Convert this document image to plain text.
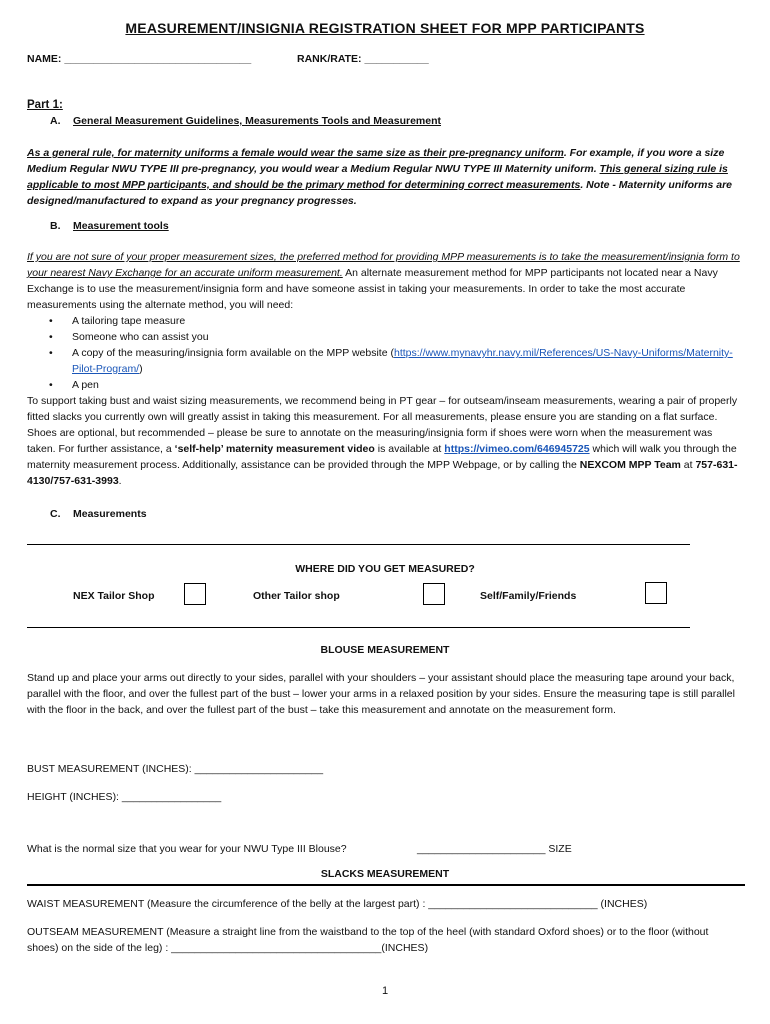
MEASUREMENT/INSIGNIA REGISTRATION SHEET FOR MPP PARTICIPANTS
NAME: ________________________________	RANK/RATE: ___________
Part 1:
A. General Measurement Guidelines, Measurements Tools and Measurement
As a general rule, for maternity uniforms a female would wear the same size as their pre-pregnancy uniform. For example, if you wore a size Medium Regular NWU TYPE III pre-pregnancy, you would wear a Medium Regular NWU TYPE III Maternity uniform. This general sizing rule is applicable to most MPP participants, and should be the primary method for determining correct measurements. Note - Maternity uniforms are designed/manufactured to expand as your pregnancy progresses.
B. Measurement tools
If you are not sure of your proper measurement sizes, the preferred method for providing MPP measurements is to take the measurement/insignia form to your nearest Navy Exchange for an accurate uniform measurement. An alternate measurement method for MPP participants not located near a Navy Exchange is to use the measurement/insignia form and have someone assist in taking your measurements. In order to take the most accurate measurements using the alternate method, you will need:
• A tailoring tape measure
• Someone who can assist you
• A copy of the measuring/insignia form available on the MPP website (https://www.mynavyhr.navy.mil/References/US-Navy-Uniforms/Maternity-Pilot-Program/)
• A pen
To support taking bust and waist sizing measurements, we recommend being in PT gear – for outseam/inseam measurements, wearing a pair of properly fitted slacks you currently own will greatly assist in taking this measurement. For all measurements, please ensure you are standing on a flat surface. Shoes are optional, but recommended – please be sure to annotate on the measuring/insignia form if shoes were worn when the measurement was taken. For further assistance, a ‘self-help’ maternity measurement video is available at https://vimeo.com/646945725 which will walk you through the maternity measurement process. Additionally, assistance can be provided through the MPP Webpage, or by calling the NEXCOM MPP Team at 757-631-4130/757-631-3993.
C. Measurements
WHERE DID YOU GET MEASURED?
NEX Tailor Shop	Other Tailor shop	Self/Family/Friends
BLOUSE MEASUREMENT
Stand up and place your arms out directly to your sides, parallel with your shoulders – your assistant should place the measuring tape around your back, parallel with the floor, and over the fullest part of the bust – lower your arms in a relaxed position by your sides. Ensure the measuring tape is still parallel with the floor in the back, and over the fullest part of the bust – take this measurement and annotate on the measurement form.
BUST MEASUREMENT (INCHES): ______________________
HEIGHT (INCHES): _________________
What is the normal size that you wear for your NWU Type III Blouse?	______________________ SIZE
SLACKS MEASUREMENT
WAIST MEASUREMENT (Measure the circumference of the belly at the largest part) : _____________________________ (INCHES)
OUTSEAM MEASUREMENT (Measure a straight line from the waistband to the top of the heel (with standard Oxford shoes) or to the floor (without shoes) on the side of the leg) : ____________________________________(INCHES)
1
